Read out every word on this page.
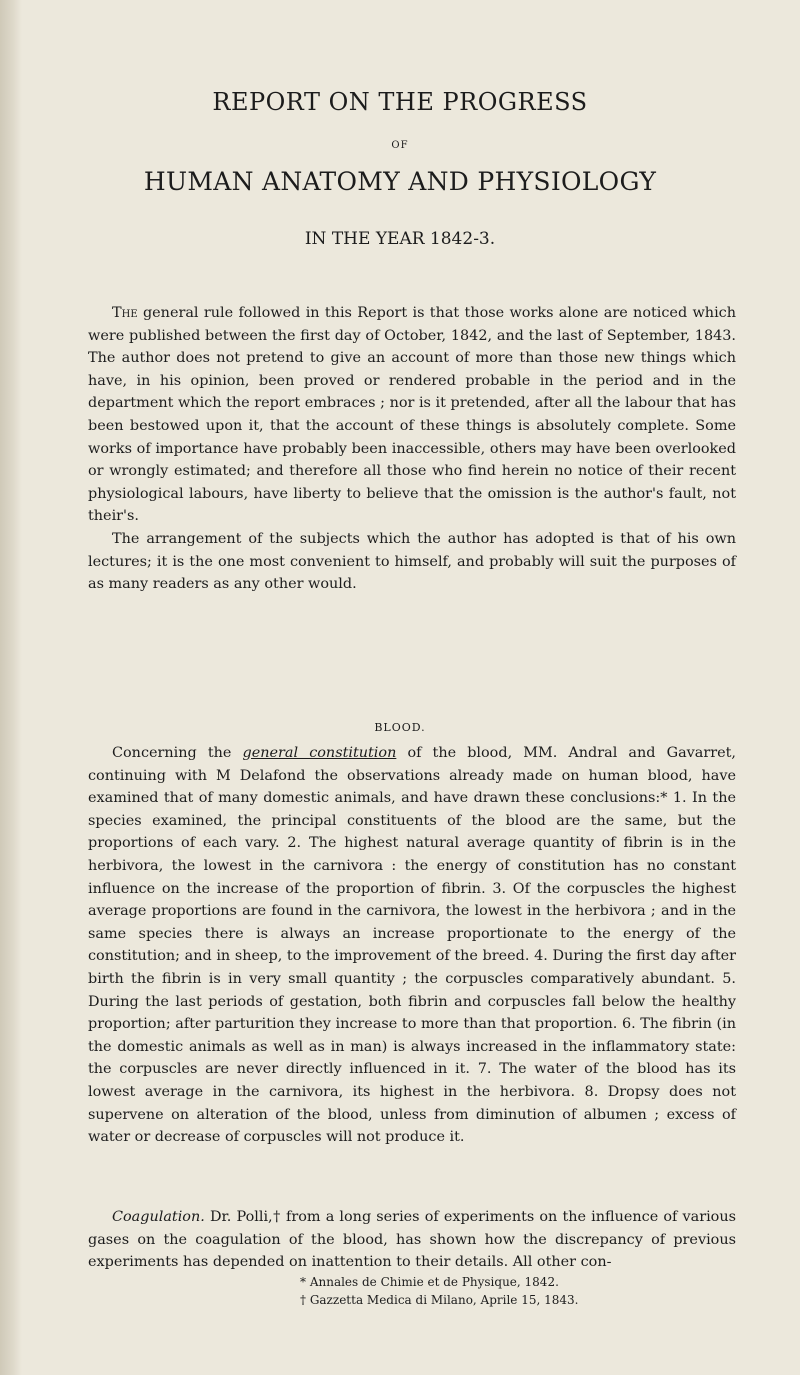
REPORT ON THE PROGRESS
OF
HUMAN ANATOMY AND PHYSIOLOGY
IN THE YEAR 1842-3.

The general rule followed in this Report is that those works alone are noticed which were published between the first day of October, 1842, and the last of September, 1843. The author does not pretend to give an account of more than those new things which have, in his opinion, been proved or rendered probable in the period and in the department which the report embraces ; nor is it pretended, after all the labour that has been bestowed upon it, that the account of these things is absolutely complete. Some works of importance have probably been inaccessible, others may have been overlooked or wrongly estimated; and therefore all those who find herein no notice of their recent physiological labours, have liberty to believe that the omission is the author's fault, not their's.

The arrangement of the subjects which the author has adopted is that of his own lectures; it is the one most convenient to himself, and probably will suit the purposes of as many readers as any other would.

BLOOD.

Concerning the general constitution of the blood, MM. Andral and Gavarret, continuing with M Delafond the observations already made on human blood, have examined that of many domestic animals, and have drawn these conclusions:* 1. In the species examined, the principal constituents of the blood are the same, but the proportions of each vary. 2. The highest natural average quantity of fibrin is in the herbivora, the lowest in the carnivora : the energy of constitution has no constant influence on the increase of the proportion of fibrin. 3. Of the corpuscles the highest average proportions are found in the carnivora, the lowest in the herbivora ; and in the same species there is always an increase proportionate to the energy of the constitution; and in sheep, to the improvement of the breed. 4. During the first day after birth the fibrin is in very small quantity ; the corpuscles comparatively abundant. 5. During the last periods of gestation, both fibrin and corpuscles fall below the healthy proportion; after parturition they increase to more than that proportion. 6. The fibrin (in the domestic animals as well as in man) is always increased in the inflammatory state: the corpuscles are never directly influenced in it. 7. The water of the blood has its lowest average in the carnivora, its highest in the herbivora. 8. Dropsy does not supervene on alteration of the blood, unless from diminution of albumen ; excess of water or decrease of corpuscles will not produce it.

Coagulation. Dr. Polli,† from a long series of experiments on the influence of various gases on the coagulation of the blood, has shown how the discrepancy of previous experiments has depended on inattention to their details. All other con-

* Annales de Chimie et de Physique, 1842.
† Gazzetta Medica di Milano, Aprile 15, 1843.
